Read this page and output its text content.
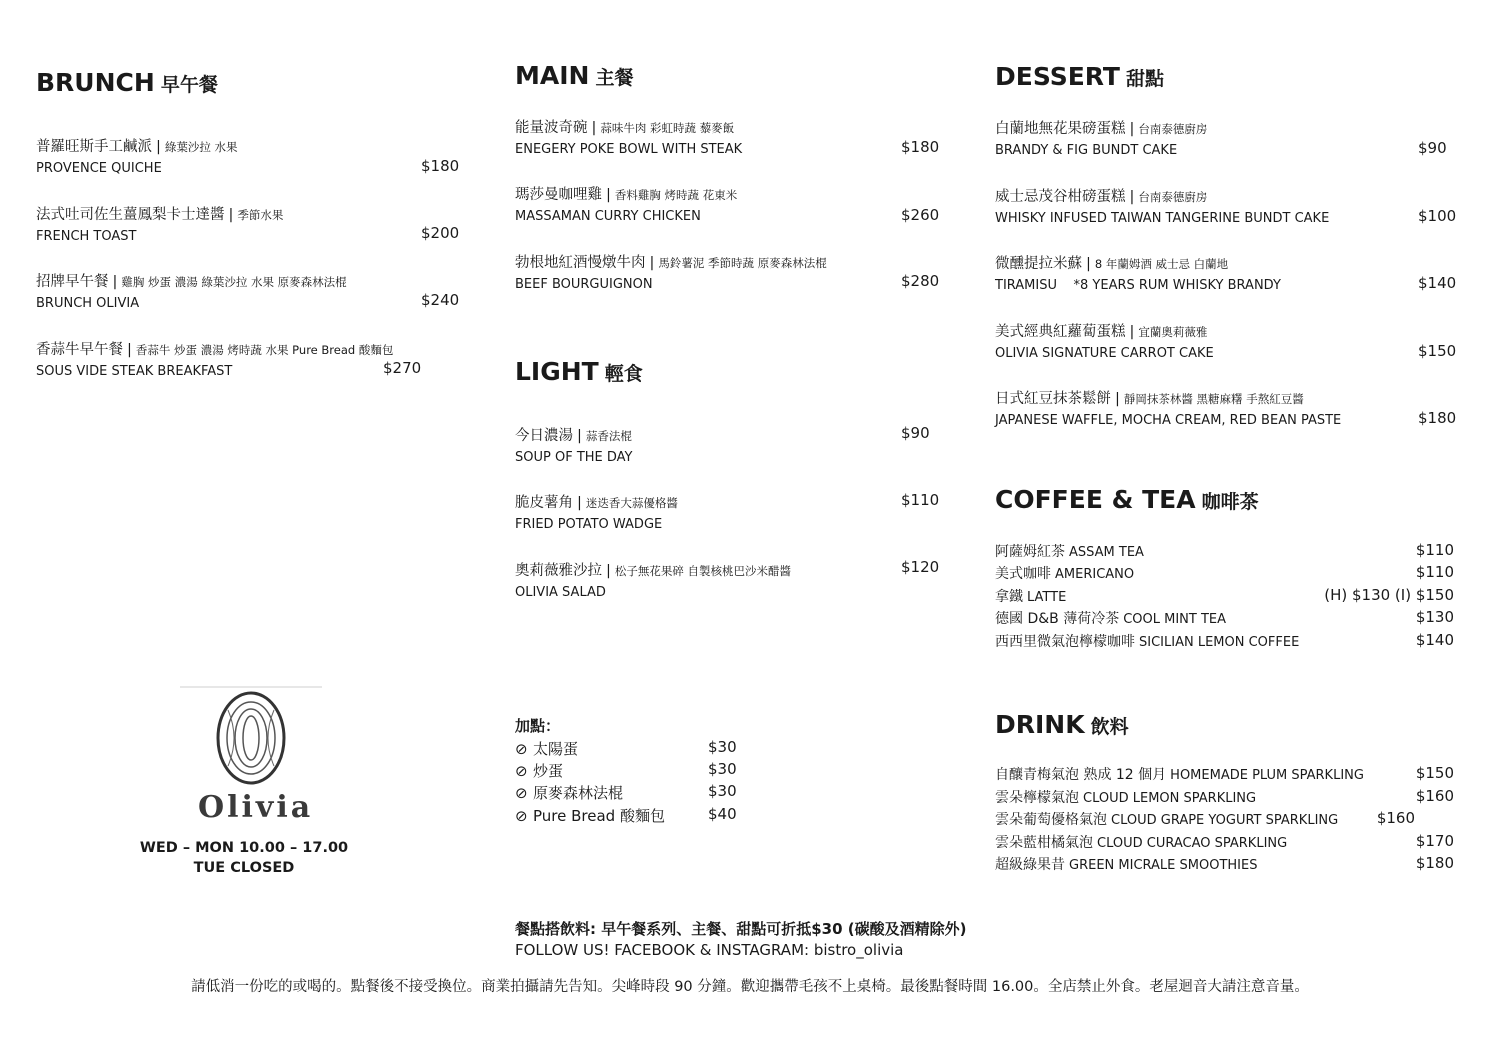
BRUNCH 早午餐
普羅旺斯手工鹹派 | 綠葉沙拉 水果
PROVENCE QUICHE	$180
法式吐司佐生薑鳳梨卡士達醬 | 季節水果
FRENCH TOAST	$200
招牌早午餐 | 雞胸 炒蛋 濃湯 綠葉沙拉 水果 原麥森林法棍
BRUNCH OLIVIA	$240
香蒜牛早午餐 | 香蒜牛 炒蛋 濃湯 烤時蔬 水果 Pure Bread 酸麵包
SOUS VIDE STEAK BREAKFAST	$270
Olivia
WED – MON 10.00 – 17.00
TUE CLOSED
MAIN 主餐
能量波奇碗 | 蒜味牛肉 彩虹時蔬 藜麥飯
ENEGERY POKE BOWL WITH STEAK	$180
瑪莎曼咖哩雞 | 香料雞胸 烤時蔬 花東米
MASSAMAN CURRY CHICKEN	$260
勃根地紅酒慢燉牛肉 | 馬鈴薯泥 季節時蔬 原麥森林法棍
BEEF BOURGUIGNON	$280
LIGHT 輕食
今日濃湯 | 蒜香法棍
SOUP OF THE DAY
$90
脆皮薯角 | 迷迭香大蒜優格醬
FRIED POTATO WADGE
$110
奧莉薇雅沙拉 | 松子無花果碎 自製核桃巴沙米醋醬
OLIVIA SALAD
$120
加點：
⊘ 太陽蛋	$30
⊘ 炒蛋	$30
⊘ 原麥森林法棍	$30
⊘ Pure Bread 酸麵包	$40
DESSERT 甜點
白蘭地無花果磅蛋糕 | 台南泰德廚房
BRANDY & FIG BUNDT CAKE	$90
威士忌茂谷柑磅蛋糕 | 台南泰德廚房
WHISKY INFUSED TAIWAN TANGERINE BUNDT CAKE	$100
微醺提拉米蘇 | 8 年蘭姆酒 威士忌 白蘭地
TIRAMISU    *8 YEARS RUM WHISKY BRANDY	$140
美式經典紅蘿蔔蛋糕 | 宜蘭奧莉薇雅
OLIVIA SIGNATURE CARROT CAKE	$150
日式紅豆抹茶鬆餅 | 靜岡抹茶林醬 黑糖麻糬 手熬紅豆醬
JAPANESE WAFFLE, MOCHA CREAM, RED BEAN PASTE	$180
COFFEE & TEA 咖啡茶
阿薩姆紅茶 ASSAM TEA	$110
美式咖啡 AMERICANO	$110
拿鐵 LATTE	(H) $130 (I) $150
德國 D&B 薄荷冷茶 COOL MINT TEA	$130
西西里微氣泡檸檬咖啡 SICILIAN LEMON COFFEE	$140
DRINK 飲料
自釀青梅氣泡 熟成 12 個月 HOMEMADE PLUM SPARKLING	$150
雲朵檸檬氣泡 CLOUD LEMON SPARKLING	$160
雲朵葡萄優格氣泡 CLOUD GRAPE YOGURT SPARKLING	$160
雲朵藍柑橘氣泡 CLOUD CURACAO SPARKLING	$170
超級綠果昔 GREEN MICRALE SMOOTHIES	$180
餐點搭飲料: 早午餐系列、主餐、甜點可折抵$30 (碳酸及酒精除外)
FOLLOW US! FACEBOOK & INSTAGRAM: bistro_olivia
請低消一份吃的或喝的。點餐後不接受換位。商業拍攝請先告知。尖峰時段 90 分鐘。歡迎攜帶毛孩不上桌椅。最後點餐時間 16.00。全店禁止外食。老屋迴音大請注意音量。
